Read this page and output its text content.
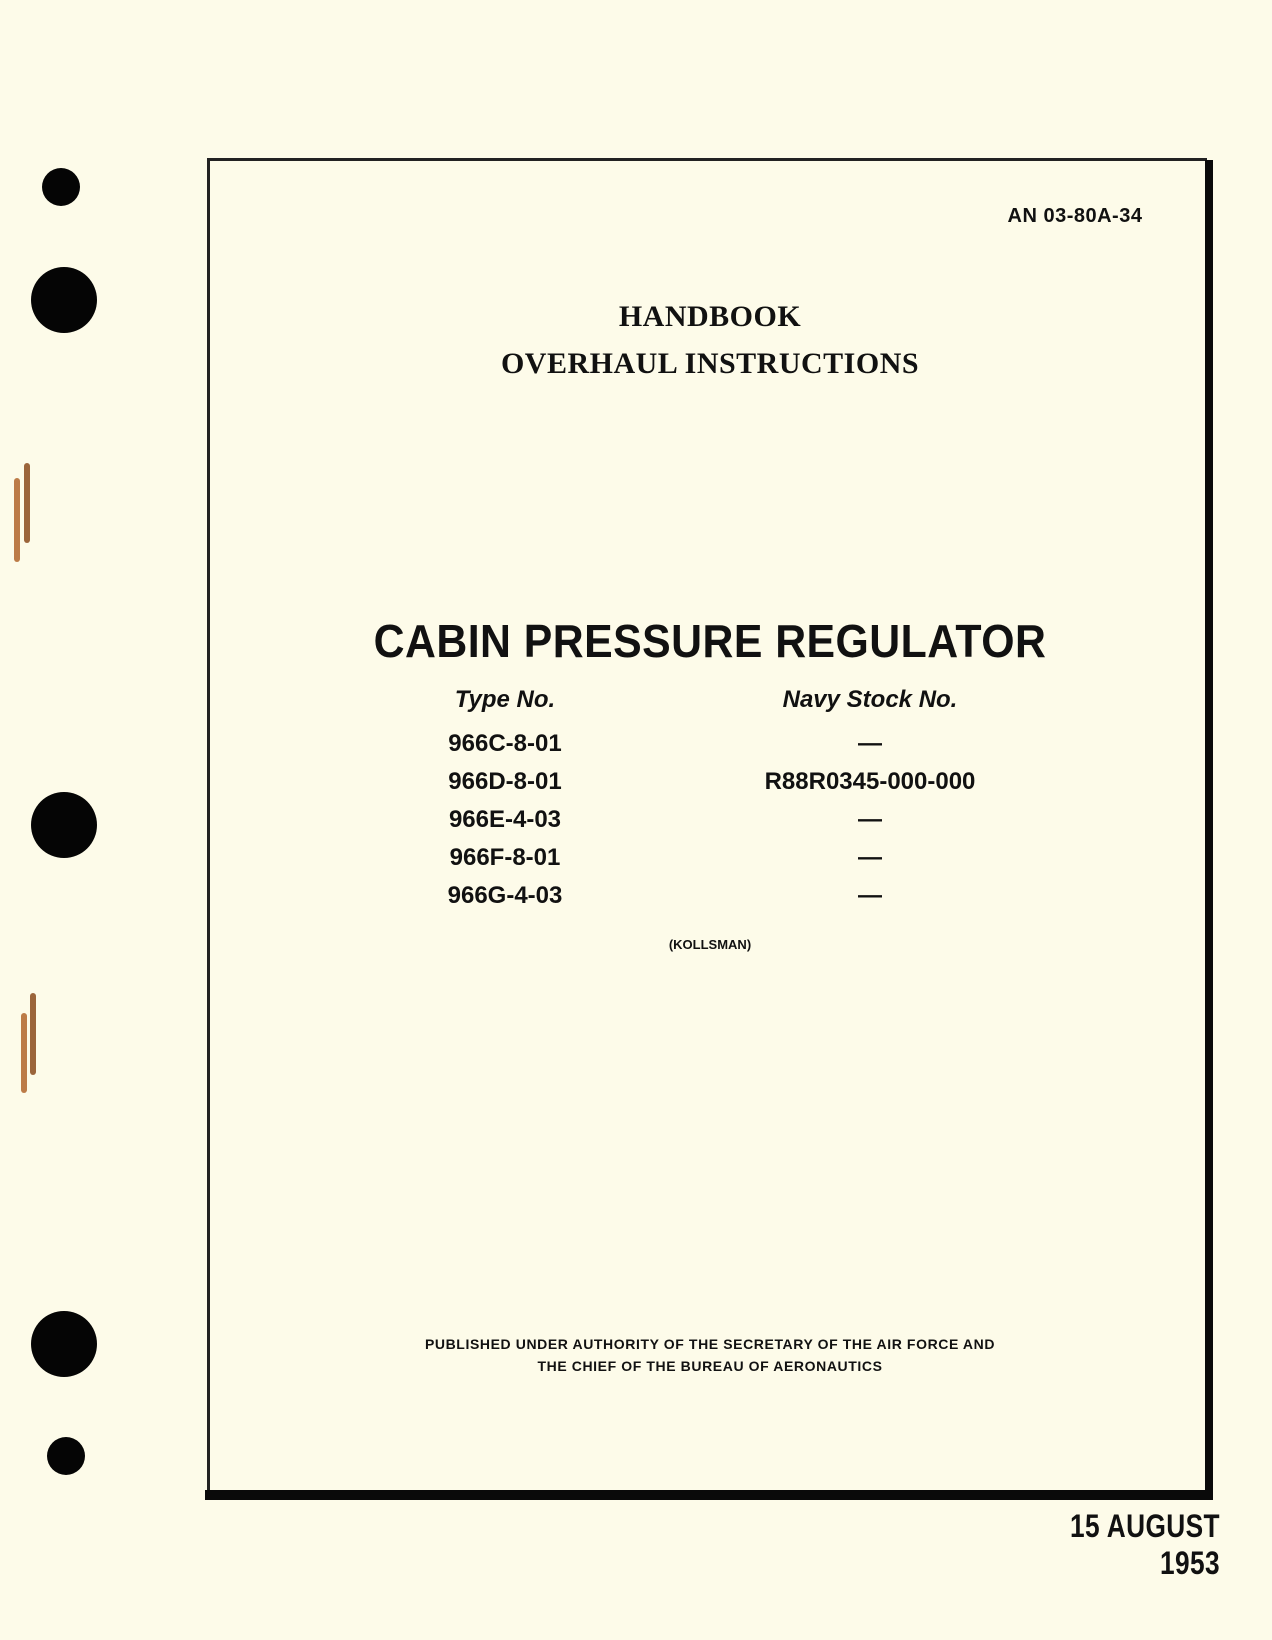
AN 03-80A-34
HANDBOOK
OVERHAUL INSTRUCTIONS
CABIN PRESSURE REGULATOR
Type No.	Navy Stock No.
966C-8-01	—
966D-8-01	R88R0345-000-000
966E-4-03	—
966F-8-01	—
966G-4-03	—
(KOLLSMAN)
PUBLISHED UNDER AUTHORITY OF THE SECRETARY OF THE AIR FORCE AND
THE CHIEF OF THE BUREAU OF AERONAUTICS
15 AUGUST 1953
